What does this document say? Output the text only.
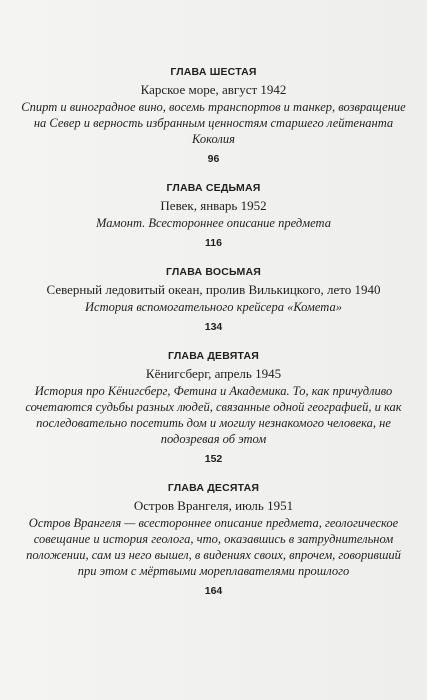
ГЛАВА ШЕСТАЯ
Карское море, август 1942
Спирт и виноградное вино, восемь транспортов и танкер, возвращение на Север и верность избранным ценностям старшего лейтенанта Коколия
96
ГЛАВА СЕДЬМАЯ
Певек, январь 1952
Мамонт. Всестороннее описание предмета
116
ГЛАВА ВОСЬМАЯ
Северный ледовитый океан, пролив Вилькицкого, лето 1940
История вспомогательного крейсера «Комета»
134
ГЛАВА ДЕВЯТАЯ
Кёнигсберг, апрель 1945
История про Кёнигсберг, Фетина и Академика. То, как причудливо сочетаются судьбы разных людей, связанные одной географией, и как последовательно посетить дом и могилу незнакомого человека, не подозревая об этом
152
ГЛАВА ДЕСЯТАЯ
Остров Врангеля, июль 1951
Остров Врангеля — всестороннее описание предмета, геологическое совещание и история геолога, что, оказавшись в затруднительном положении, сам из него вышел, в видениях своих, впрочем, говоривший при этом с мёртвыми мореплавателями прошлого
164
